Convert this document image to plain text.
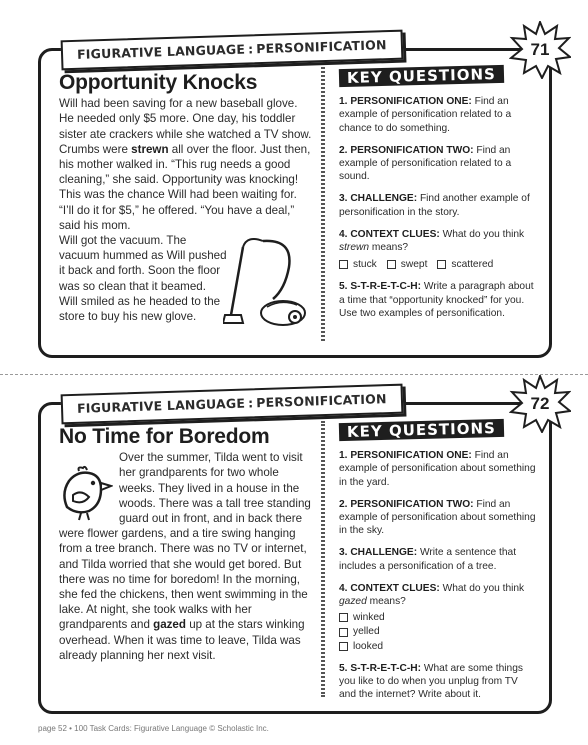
FIGURATIVE LANGUAGE : PERSONIFICATION	71
Opportunity Knocks

Will had been saving for a new baseball glove. He needed only $5 more. One day, his toddler sister ate crackers while she watched a TV show. Crumbs were strewn all over the floor. Just then, his mother walked in. “This rug needs a good cleaning,” she said. Opportunity was knocking! This was the chance Will had been waiting for. “I’ll do it for $5,” he offered. “You have a deal,” said his mom.

Will got the vacuum. The vacuum hummed as Will pushed it back and forth. Soon the floor was so clean that it beamed. Will smiled as he headed to the store to buy his new glove.

KEY QUESTIONS
1. PERSONIFICATION ONE: Find an example of personification related to a chance to do something.
2. PERSONIFICATION TWO: Find an example of personification related to a sound.
3. CHALLENGE: Find another example of personification in the story.
4. CONTEXT CLUES: What do you think strewn means?
stuck swept scattered
5. S-T-R-E-T-C-H: Write a paragraph about a time that “opportunity knocked” for you. Use two examples of personification.
FIGURATIVE LANGUAGE : PERSONIFICATION	72
No Time for Boredom

Over the summer, Tilda went to visit her grandparents for two whole weeks. They lived in a house in the woods. There was a tall tree standing guard out in front, and in back there were flower gardens, and a tire swing hanging from a tree branch. There was no TV or internet, and Tilda worried that she would get bored. But there was no time for boredom! In the morning, she fed the chickens, then went swimming in the lake. At night, she took walks with her grandparents and gazed up at the stars winking overhead. When it was time to leave, Tilda was already planning her next visit.

KEY QUESTIONS
1. PERSONIFICATION ONE: Find an example of personification about something in the yard.
2. PERSONIFICATION TWO: Find an example of personification about something in the sky.
3. CHALLENGE: Write a sentence that includes a personification of a tree.
4. CONTEXT CLUES: What do you think gazed means?
winked
yelled
looked
5. S-T-R-E-T-C-H: What are some things you like to do when you unplug from TV and the internet? Write about it.
page 52 • 100 Task Cards: Figurative Language © Scholastic Inc.
